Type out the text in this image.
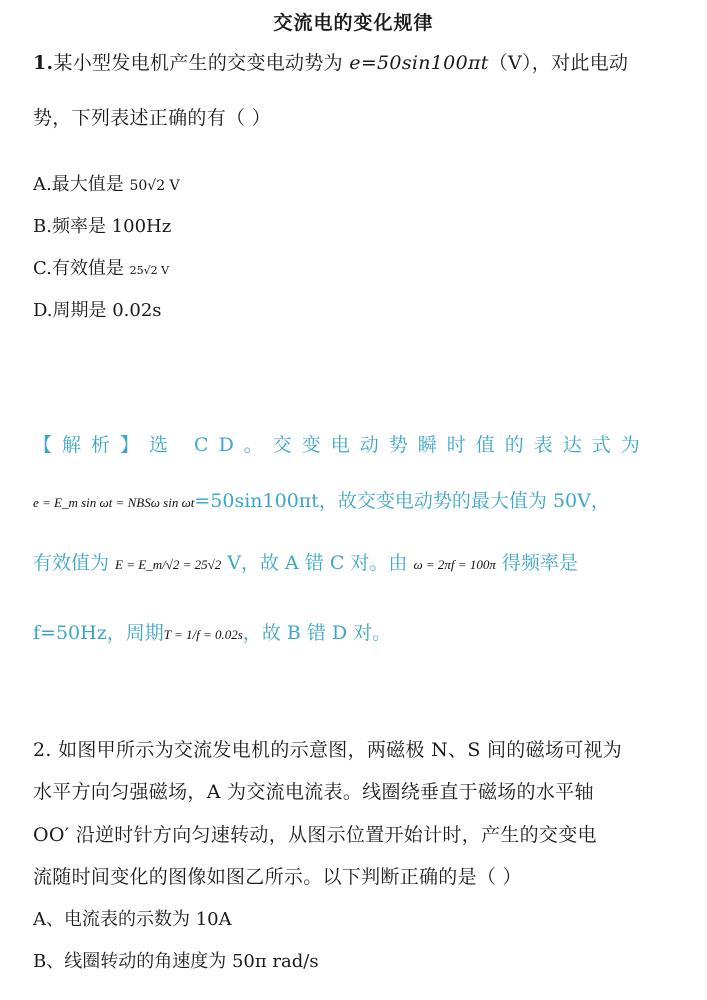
交流电的变化规律
1.某小型发电机产生的交变电动势为 e=50sin100πt（V），对此电动
势，下列表述正确的有（ ）
A.最大值是 50√2 V
B.频率是 100Hz
C.有效值是 25√2 V
D.周期是 0.02s
【解析】选 CD。交变电动势瞬时值的表达式为
e = E_m sin ωt = NBSω sin ωt=50sin100πt，故交变电动势的最大值为 50V，
有效值为 E = E_m/√2 = 25√2 V，故 A 错 C 对。由 ω = 2πf = 100π 得频率是
f=50Hz，周期T = 1/f = 0.02s，故 B 错 D 对。
2. 如图甲所示为交流发电机的示意图，两磁极 N、S 间的磁场可视为
水平方向匀强磁场，A 为交流电流表。线圈绕垂直于磁场的水平轴
OO′ 沿逆时针方向匀速转动，从图示位置开始计时，产生的交变电
流随时间变化的图像如图乙所示。以下判断正确的是（ ）
A、电流表的示数为 10A
B、线圈转动的角速度为 50π rad/s
